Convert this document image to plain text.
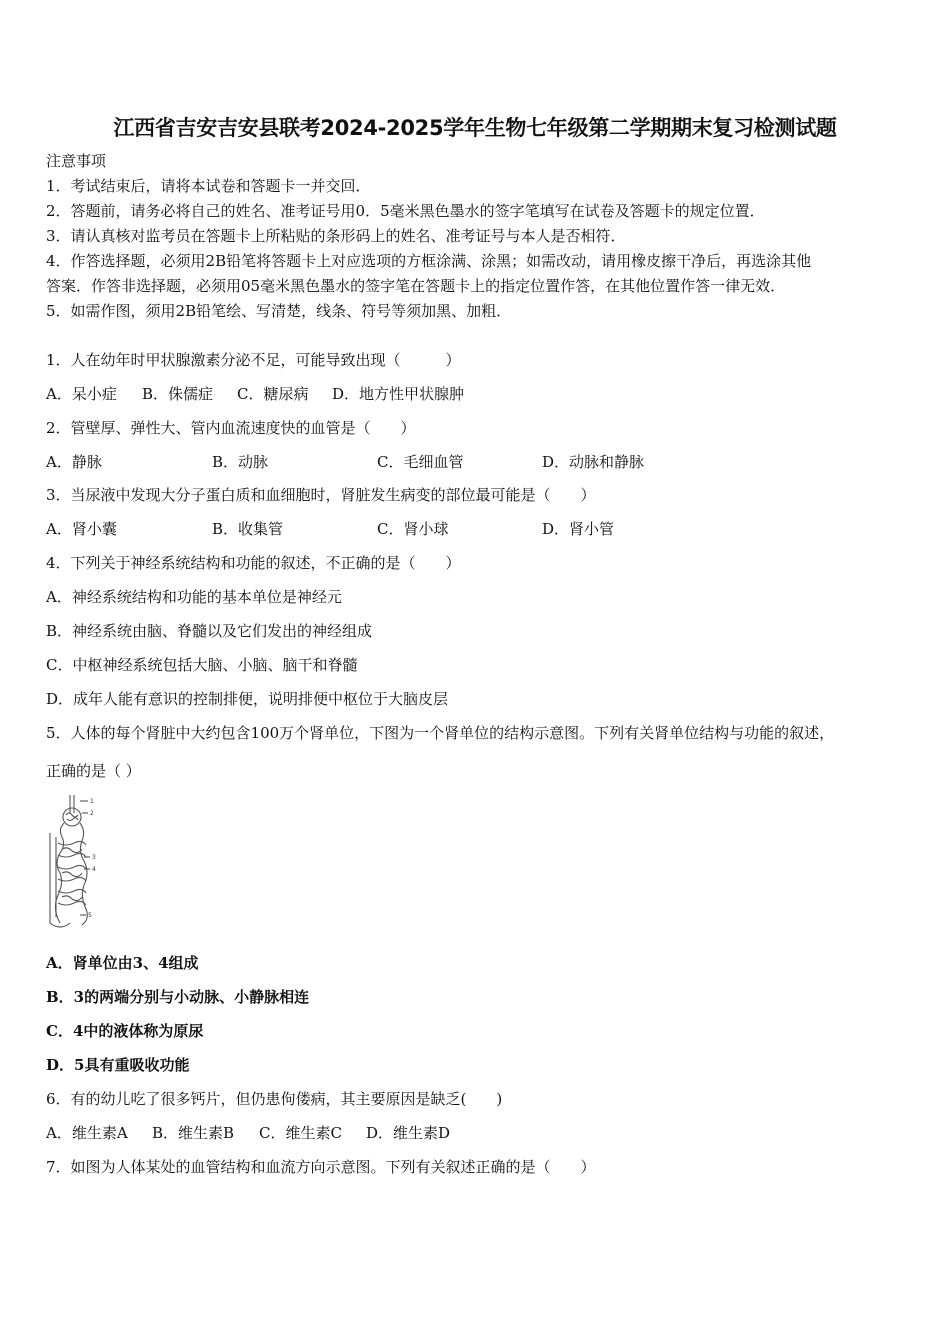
江西省吉安吉安县联考2024-2025学年生物七年级第二学期期末复习检测试题
注意事项
1．考试结束后，请将本试卷和答题卡一并交回．
2．答题前，请务必将自己的姓名、准考证号用0．5毫米黑色墨水的签字笔填写在试卷及答题卡的规定位置．
3．请认真核对监考员在答题卡上所粘贴的条形码上的姓名、准考证号与本人是否相符．
4．作答选择题，必须用2B铅笔将答题卡上对应选项的方框涂满、涂黑；如需改动，请用橡皮擦干净后，再选涂其他
答案．作答非选择题，必须用05毫米黑色墨水的签字笔在答题卡上的指定位置作答，在其他位置作答一律无效．
5．如需作图，须用2B铅笔绘、写清楚，线条、符号等须加黑、加粗．
1．人在幼年时甲状腺激素分泌不足，可能导致出现（　　　）
A．呆小症 B．侏儒症 C．糖尿病 D．地方性甲状腺肿
2．管壁厚、弹性大、管内血流速度快的血管是（　　）
A．静脉	B．动脉	C．毛细血管	D．动脉和静脉
3．当尿液中发现大分子蛋白质和血细胞时，肾脏发生病变的部位最可能是（　　）
A．肾小囊	B．收集管	C．肾小球	D．肾小管
4．下列关于神经系统结构和功能的叙述，不正确的是（　　）
A．神经系统结构和功能的基本单位是神经元
B．神经系统由脑、脊髓以及它们发出的神经组成
C．中枢神经系统包括大脑、小脑、脑干和脊髓
D．成年人能有意识的控制排便，说明排便中枢位于大脑皮层
5．人体的每个肾脏中大约包含100万个肾单位，下图为一个肾单位的结构示意图。下列有关肾单位结构与功能的叙述，
正确的是（ ）
1
2
3
4
5
A．肾单位由3、4组成
B．3的两端分别与小动脉、小静脉相连
C．4中的液体称为原尿
D．5具有重吸收功能
6．有的幼儿吃了很多钙片，但仍患佝偻病，其主要原因是缺乏(　　)
A．维生素A B．维生素B C．维生素C D．维生素D
7．如图为人体某处的血管结构和血流方向示意图。下列有关叙述正确的是（　　）
